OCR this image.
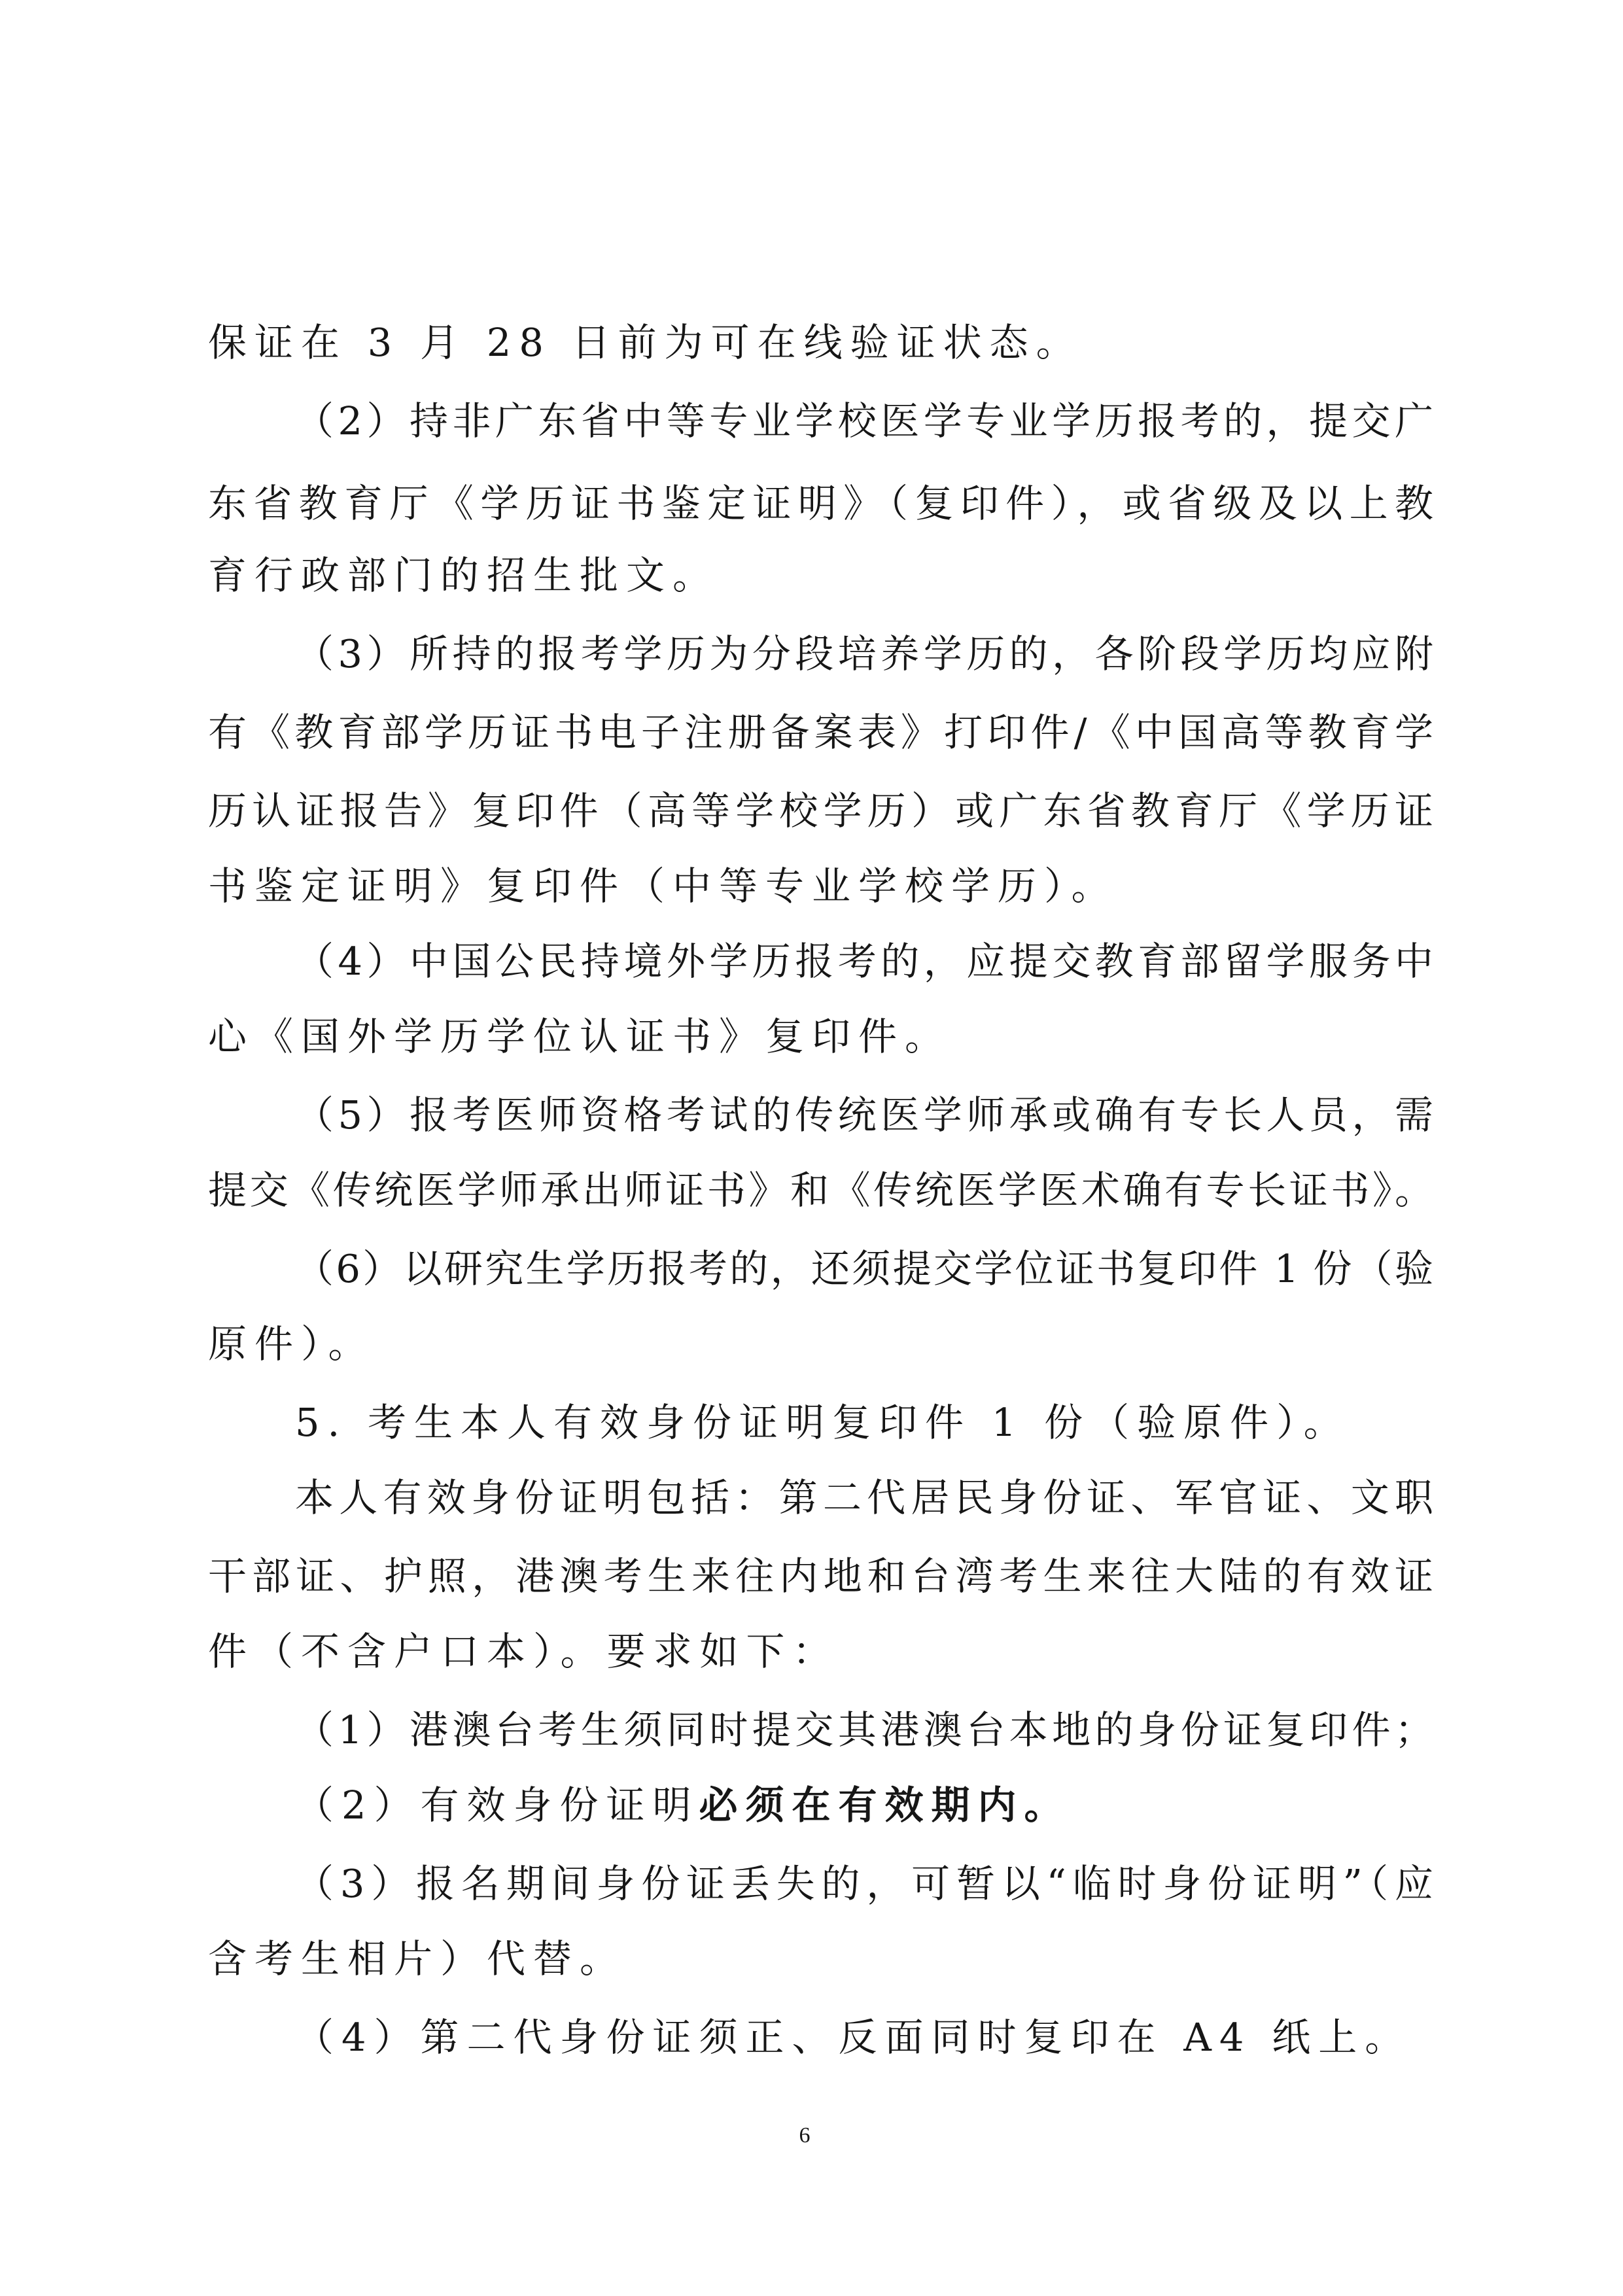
保证在 3 月 28 日前为可在线验证状态。

（2）持非广东省中等专业学校医学专业学历报考的，提交广

东省教育厅《学历证书鉴定证明》（复印件），或省级及以上教

育行政部门的招生批文。

（3）所持的报考学历为分段培养学历的，各阶段学历均应附

有《教育部学历证书电子注册备案表》打印件/《中国高等教育学

历认证报告》复印件（高等学校学历）或广东省教育厅《学历证

书鉴定证明》复印件（中等专业学校学历）。

（4）中国公民持境外学历报考的，应提交教育部留学服务中

心《国外学历学位认证书》复印件。

（5）报考医师资格考试的传统医学师承或确有专长人员，需

提交《传统医学师承出师证书》和《传统医学医术确有专长证书》。

（6）以研究生学历报考的，还须提交学位证书复印件 1 份（验

原件）。

5. 考生本人有效身份证明复印件 1 份（验原件）。

本人有效身份证明包括：第二代居民身份证、军官证、文职

干部证、护照，港澳考生来往内地和台湾考生来往大陆的有效证

件（不含户口本）。要求如下：

（1）港澳台考生须同时提交其港澳台本地的身份证复印件；

（2）有效身份证明必须在有效期内。

（3）报名期间身份证丢失的，可暂以“临时身份证明”（应

含考生相片）代替。

（4）第二代身份证须正、反面同时复印在 A4 纸上。

6
